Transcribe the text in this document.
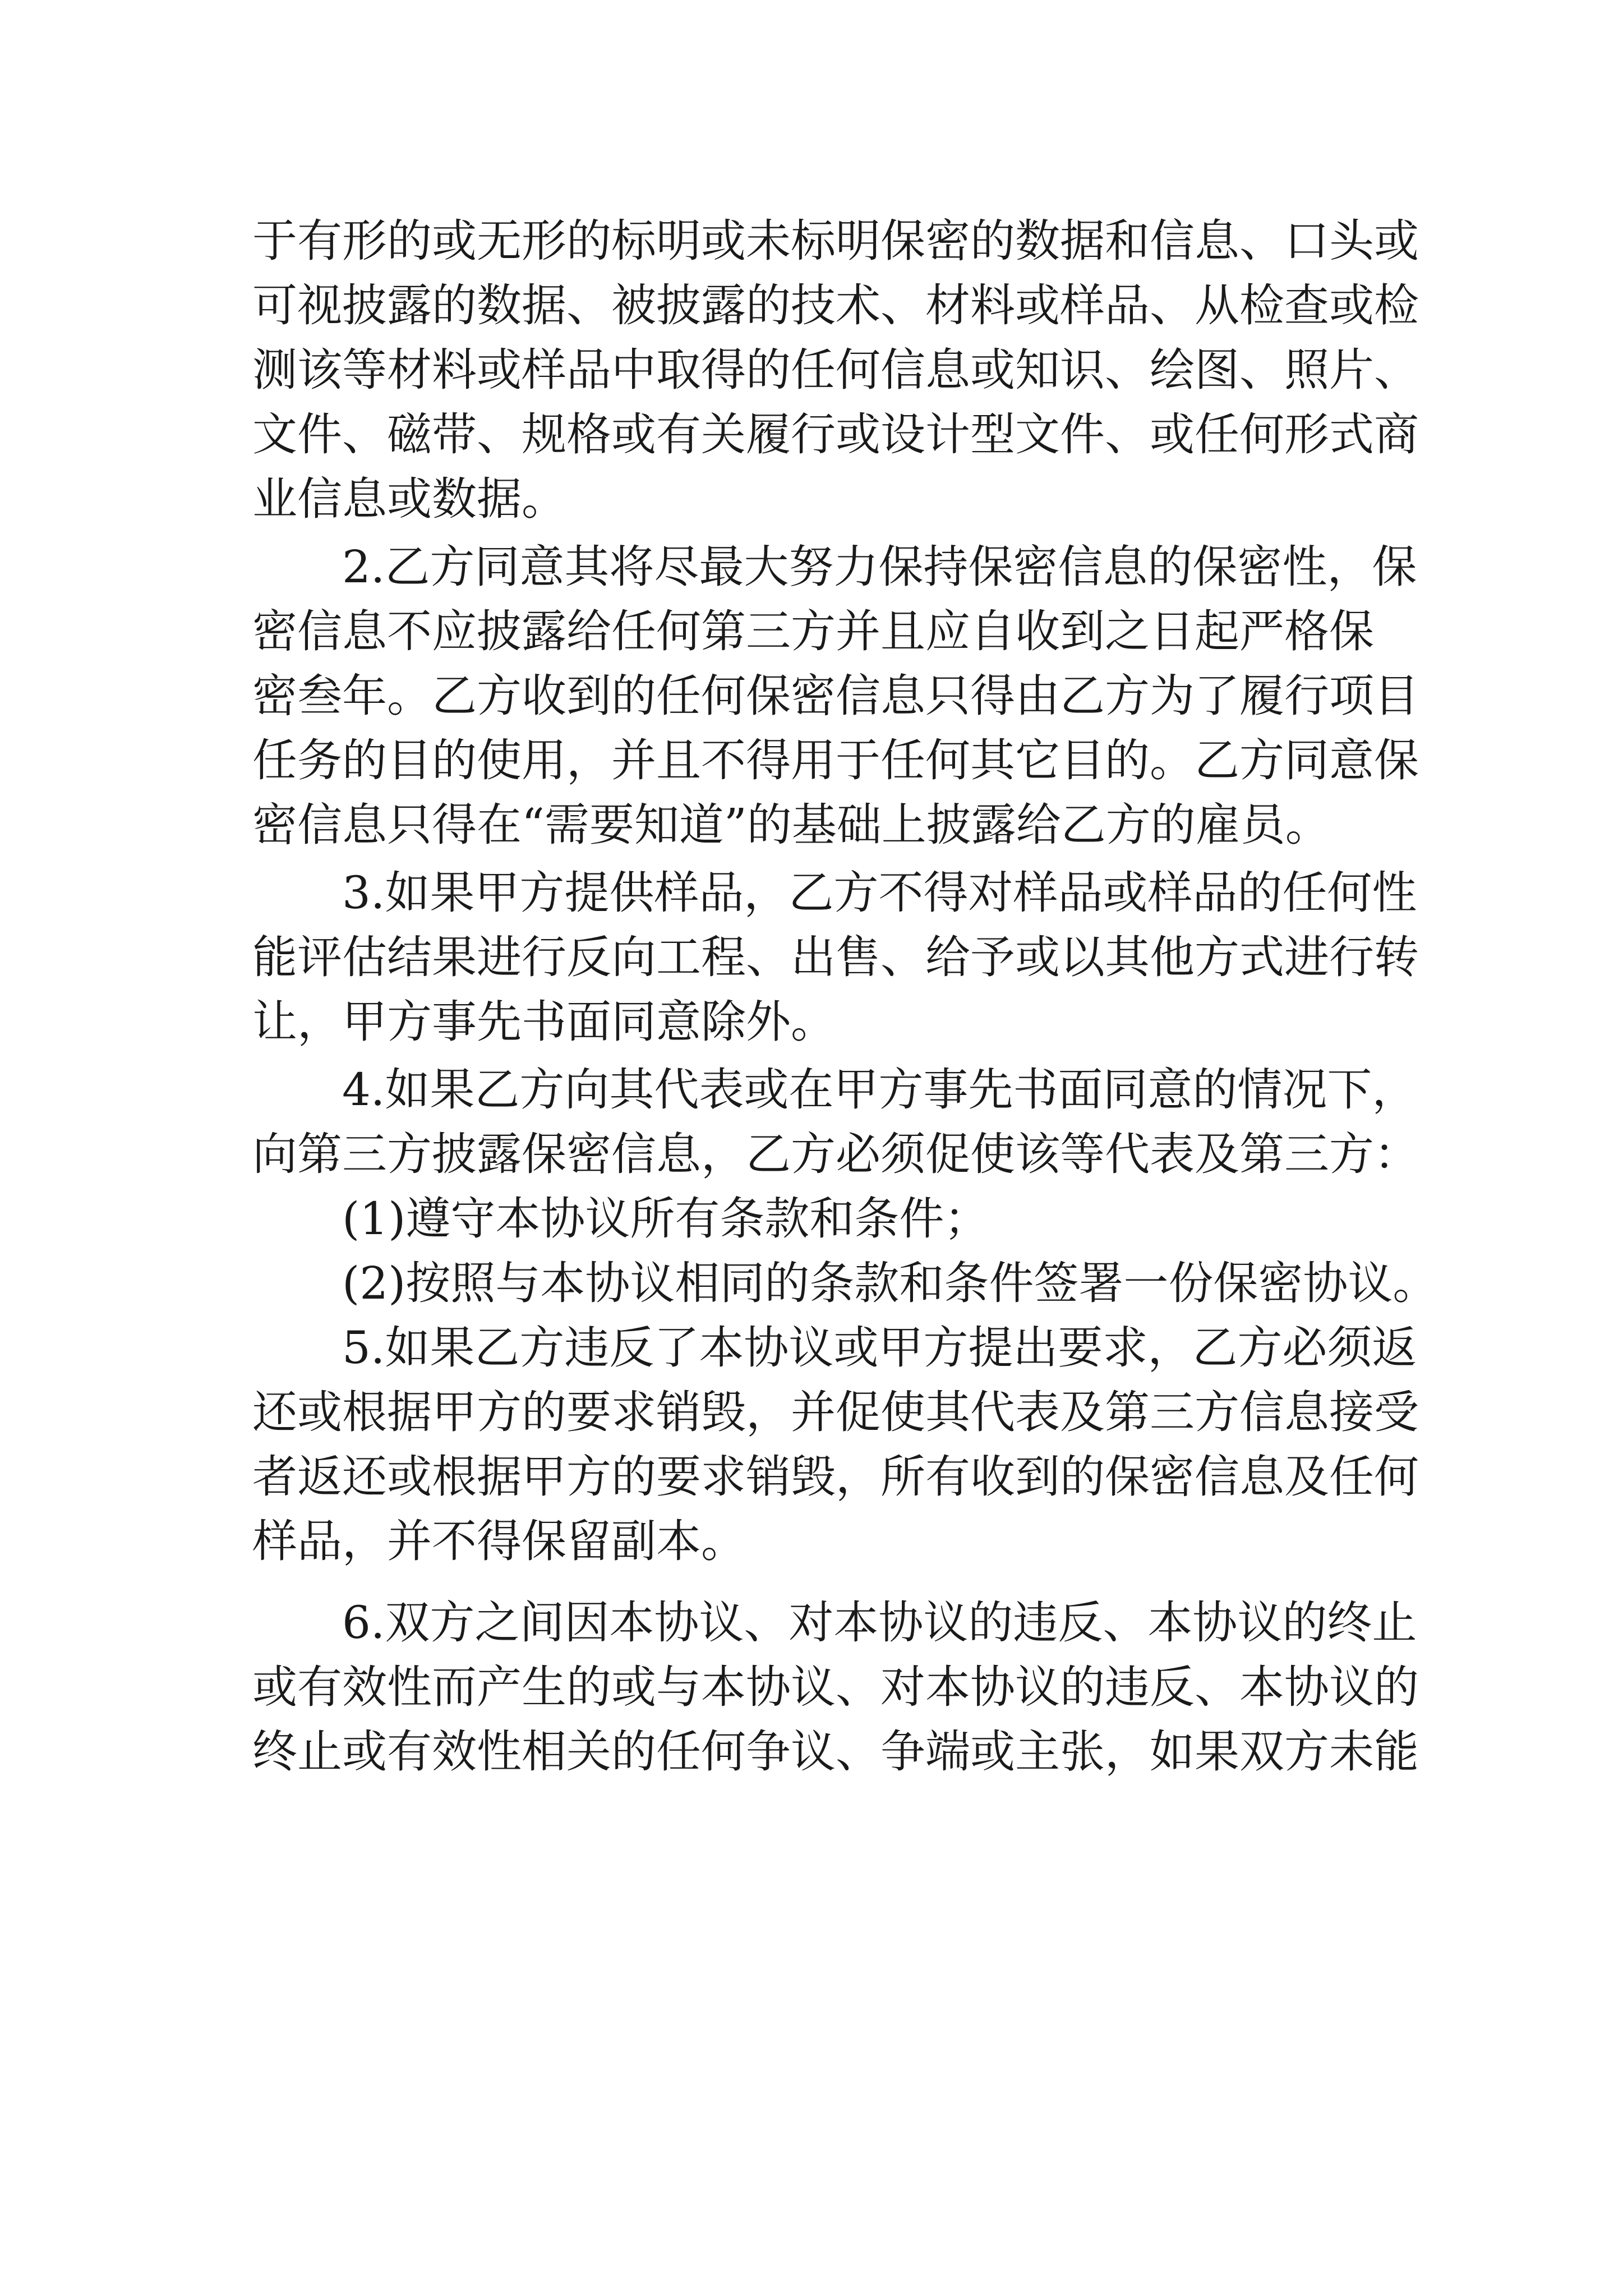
于有形的或无形的标明或未标明保密的数据和信息、口头或
可视披露的数据、被披露的技术、材料或样品、从检查或检
测该等材料或样品中取得的任何信息或知识、绘图、照片、
文件、磁带、规格或有关履行或设计型文件、或任何形式商
业信息或数据。
　　2.乙方同意其将尽最大努力保持保密信息的保密性，保
密信息不应披露给任何第三方并且应自收到之日起严格保
密叁年。乙方收到的任何保密信息只得由乙方为了履行项目
任务的目的使用，并且不得用于任何其它目的。乙方同意保
密信息只得在“需要知道”的基础上披露给乙方的雇员。
　　3.如果甲方提供样品，乙方不得对样品或样品的任何性
能评估结果进行反向工程、出售、给予或以其他方式进行转
让，甲方事先书面同意除外。
　　4.如果乙方向其代表或在甲方事先书面同意的情况下，
向第三方披露保密信息，乙方必须促使该等代表及第三方：
　　(1)遵守本协议所有条款和条件；
　　(2)按照与本协议相同的条款和条件签署一份保密协议。
　　5.如果乙方违反了本协议或甲方提出要求，乙方必须返
还或根据甲方的要求销毁，并促使其代表及第三方信息接受
者返还或根据甲方的要求销毁，所有收到的保密信息及任何
样品，并不得保留副本。
　　6.双方之间因本协议、对本协议的违反、本协议的终止
或有效性而产生的或与本协议、对本协议的违反、本协议的
终止或有效性相关的任何争议、争端或主张，如果双方未能
